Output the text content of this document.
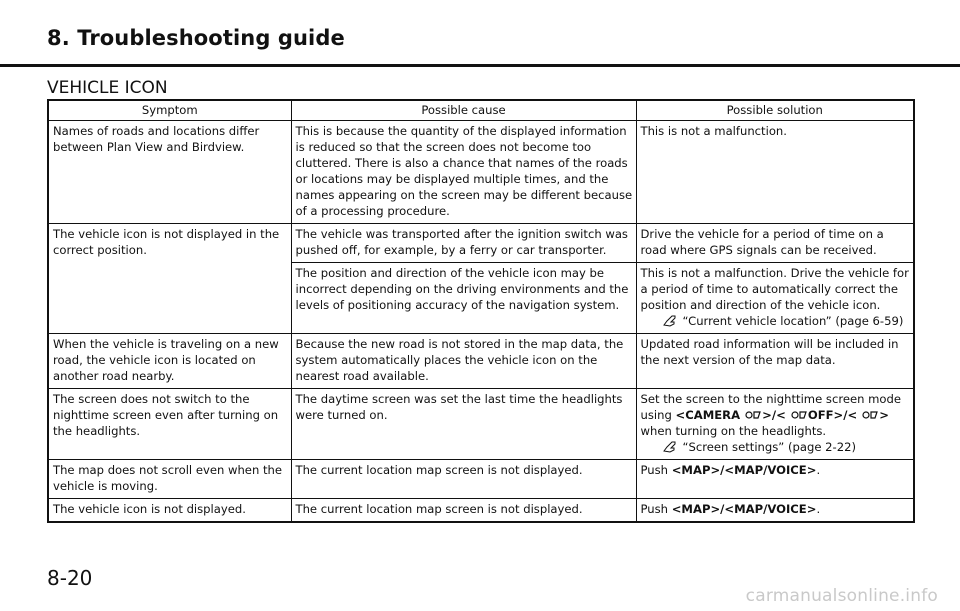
8. Troubleshooting guide
VEHICLE ICON
Symptom	Possible cause	Possible solution
Names of roads and locations differ between Plan View and Birdview.	This is because the quantity of the displayed information is reduced so that the screen does not become too cluttered. There is also a chance that names of the roads or locations may be displayed multiple times, and the names appearing on the screen may be different because of a processing procedure.	This is not a malfunction.
The vehicle icon is not displayed in the correct position.	The vehicle was transported after the ignition switch was pushed off, for example, by a ferry or car transporter.	Drive the vehicle for a period of time on a road where GPS signals can be received.
	The position and direction of the vehicle icon may be incorrect depending on the driving environments and the levels of positioning accuracy of the navigation system.	This is not a malfunction. Drive the vehicle for a period of time to automatically correct the position and direction of the vehicle icon.
“Current vehicle location” (page 6-59)

When the vehicle is traveling on a new road, the vehicle icon is located on another road nearby.	Because the new road is not stored in the map data, the system automatically places the vehicle icon on the nearest road available.	Updated road information will be included in the next version of the map data.
The screen does not switch to the nighttime screen even after turning on the headlights.	The daytime screen was set the last time the headlights were turned on.	Set the screen to the nighttime screen mode using <CAMERA >/< OFF>/< >
when turning on the headlights.
“Screen settings” (page 2-22)

The map does not scroll even when the vehicle is moving.	The current location map screen is not displayed.	Push <MAP>/<MAP/VOICE>.
The vehicle icon is not displayed.	The current location map screen is not displayed.	Push <MAP>/<MAP/VOICE>.
8-20
carmanualsonline.info
